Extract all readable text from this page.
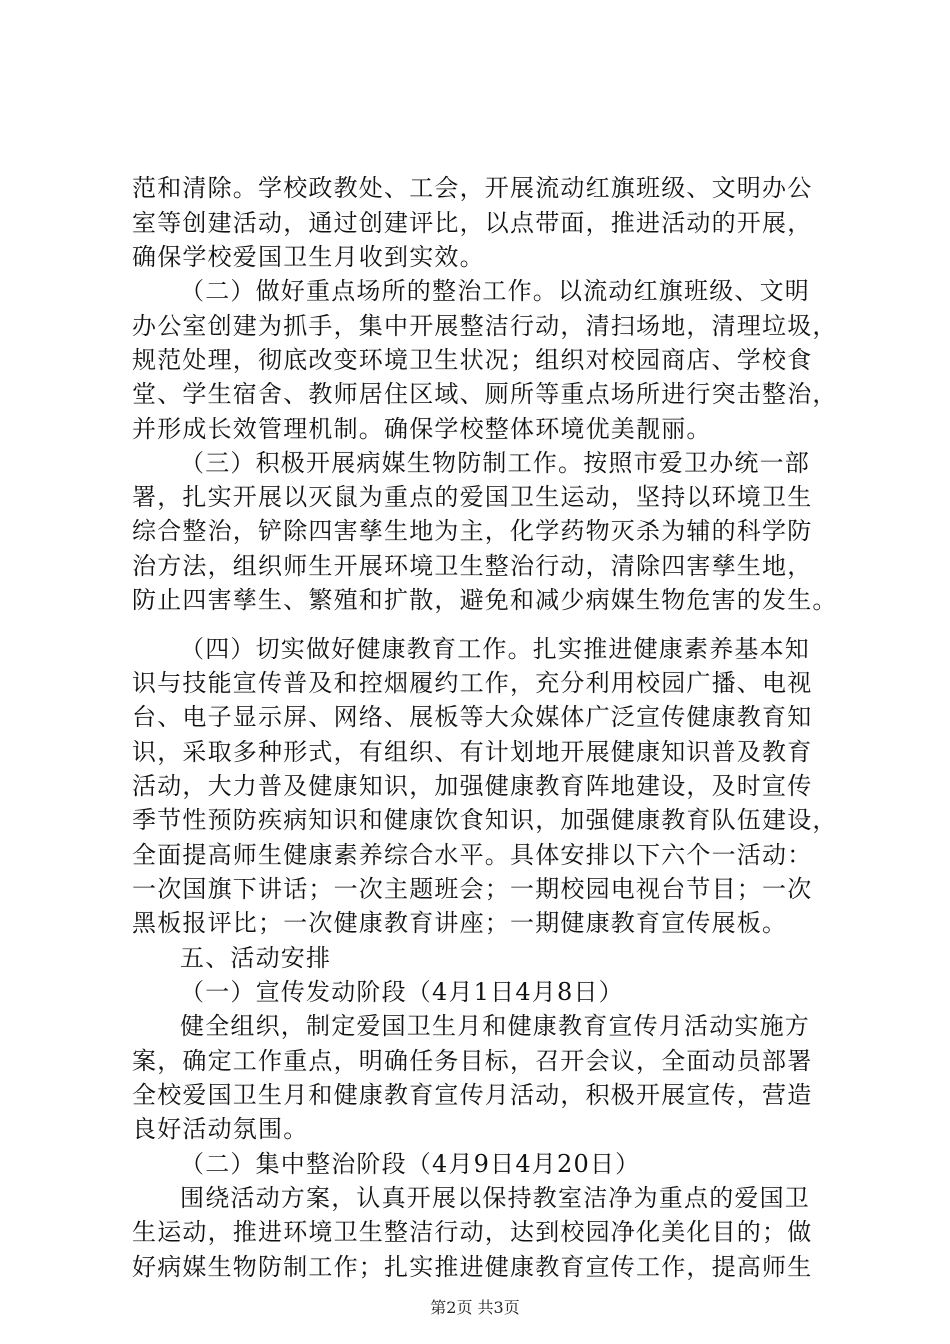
范和清除。学校政教处、工会，开展流动红旗班级、文明办公
室等创建活动，通过创建评比，以点带面，推进活动的开展，
确保学校爱国卫生月收到实效。
（二）做好重点场所的整治工作。以流动红旗班级、文明
办公室创建为抓手，集中开展整洁行动，清扫场地，清理垃圾，
规范处理，彻底改变环境卫生状况；组织对校园商店、学校食
堂、学生宿舍、教师居住区域、厕所等重点场所进行突击整治，
并形成长效管理机制。确保学校整体环境优美靓丽。
（三）积极开展病媒生物防制工作。按照市爱卫办统一部
署，扎实开展以灭鼠为重点的爱国卫生运动，坚持以环境卫生
综合整治，铲除四害孳生地为主，化学药物灭杀为辅的科学防
治方法，组织师生开展环境卫生整治行动，清除四害孳生地，
防止四害孳生、繁殖和扩散，避免和减少病媒生物危害的发生。
（四）切实做好健康教育工作。扎实推进健康素养基本知
识与技能宣传普及和控烟履约工作，充分利用校园广播、电视
台、电子显示屏、网络、展板等大众媒体广泛宣传健康教育知
识，采取多种形式，有组织、有计划地开展健康知识普及教育
活动，大力普及健康知识，加强健康教育阵地建设，及时宣传
季节性预防疾病知识和健康饮食知识，加强健康教育队伍建设，
全面提高师生健康素养综合水平。具体安排以下六个一活动：
一次国旗下讲话；一次主题班会；一期校园电视台节目；一次
黑板报评比；一次健康教育讲座；一期健康教育宣传展板。
五、活动安排
（一）宣传发动阶段（4月1日4月8日）
健全组织，制定爱国卫生月和健康教育宣传月活动实施方
案，确定工作重点，明确任务目标，召开会议，全面动员部署
全校爱国卫生月和健康教育宣传月活动，积极开展宣传，营造
良好活动氛围。
（二）集中整治阶段（4月9日4月20日）
围绕活动方案，认真开展以保持教室洁净为重点的爱国卫
生运动，推进环境卫生整洁行动，达到校园净化美化目的；做
好病媒生物防制工作；扎实推进健康教育宣传工作，提高师生
第2页 共3页
